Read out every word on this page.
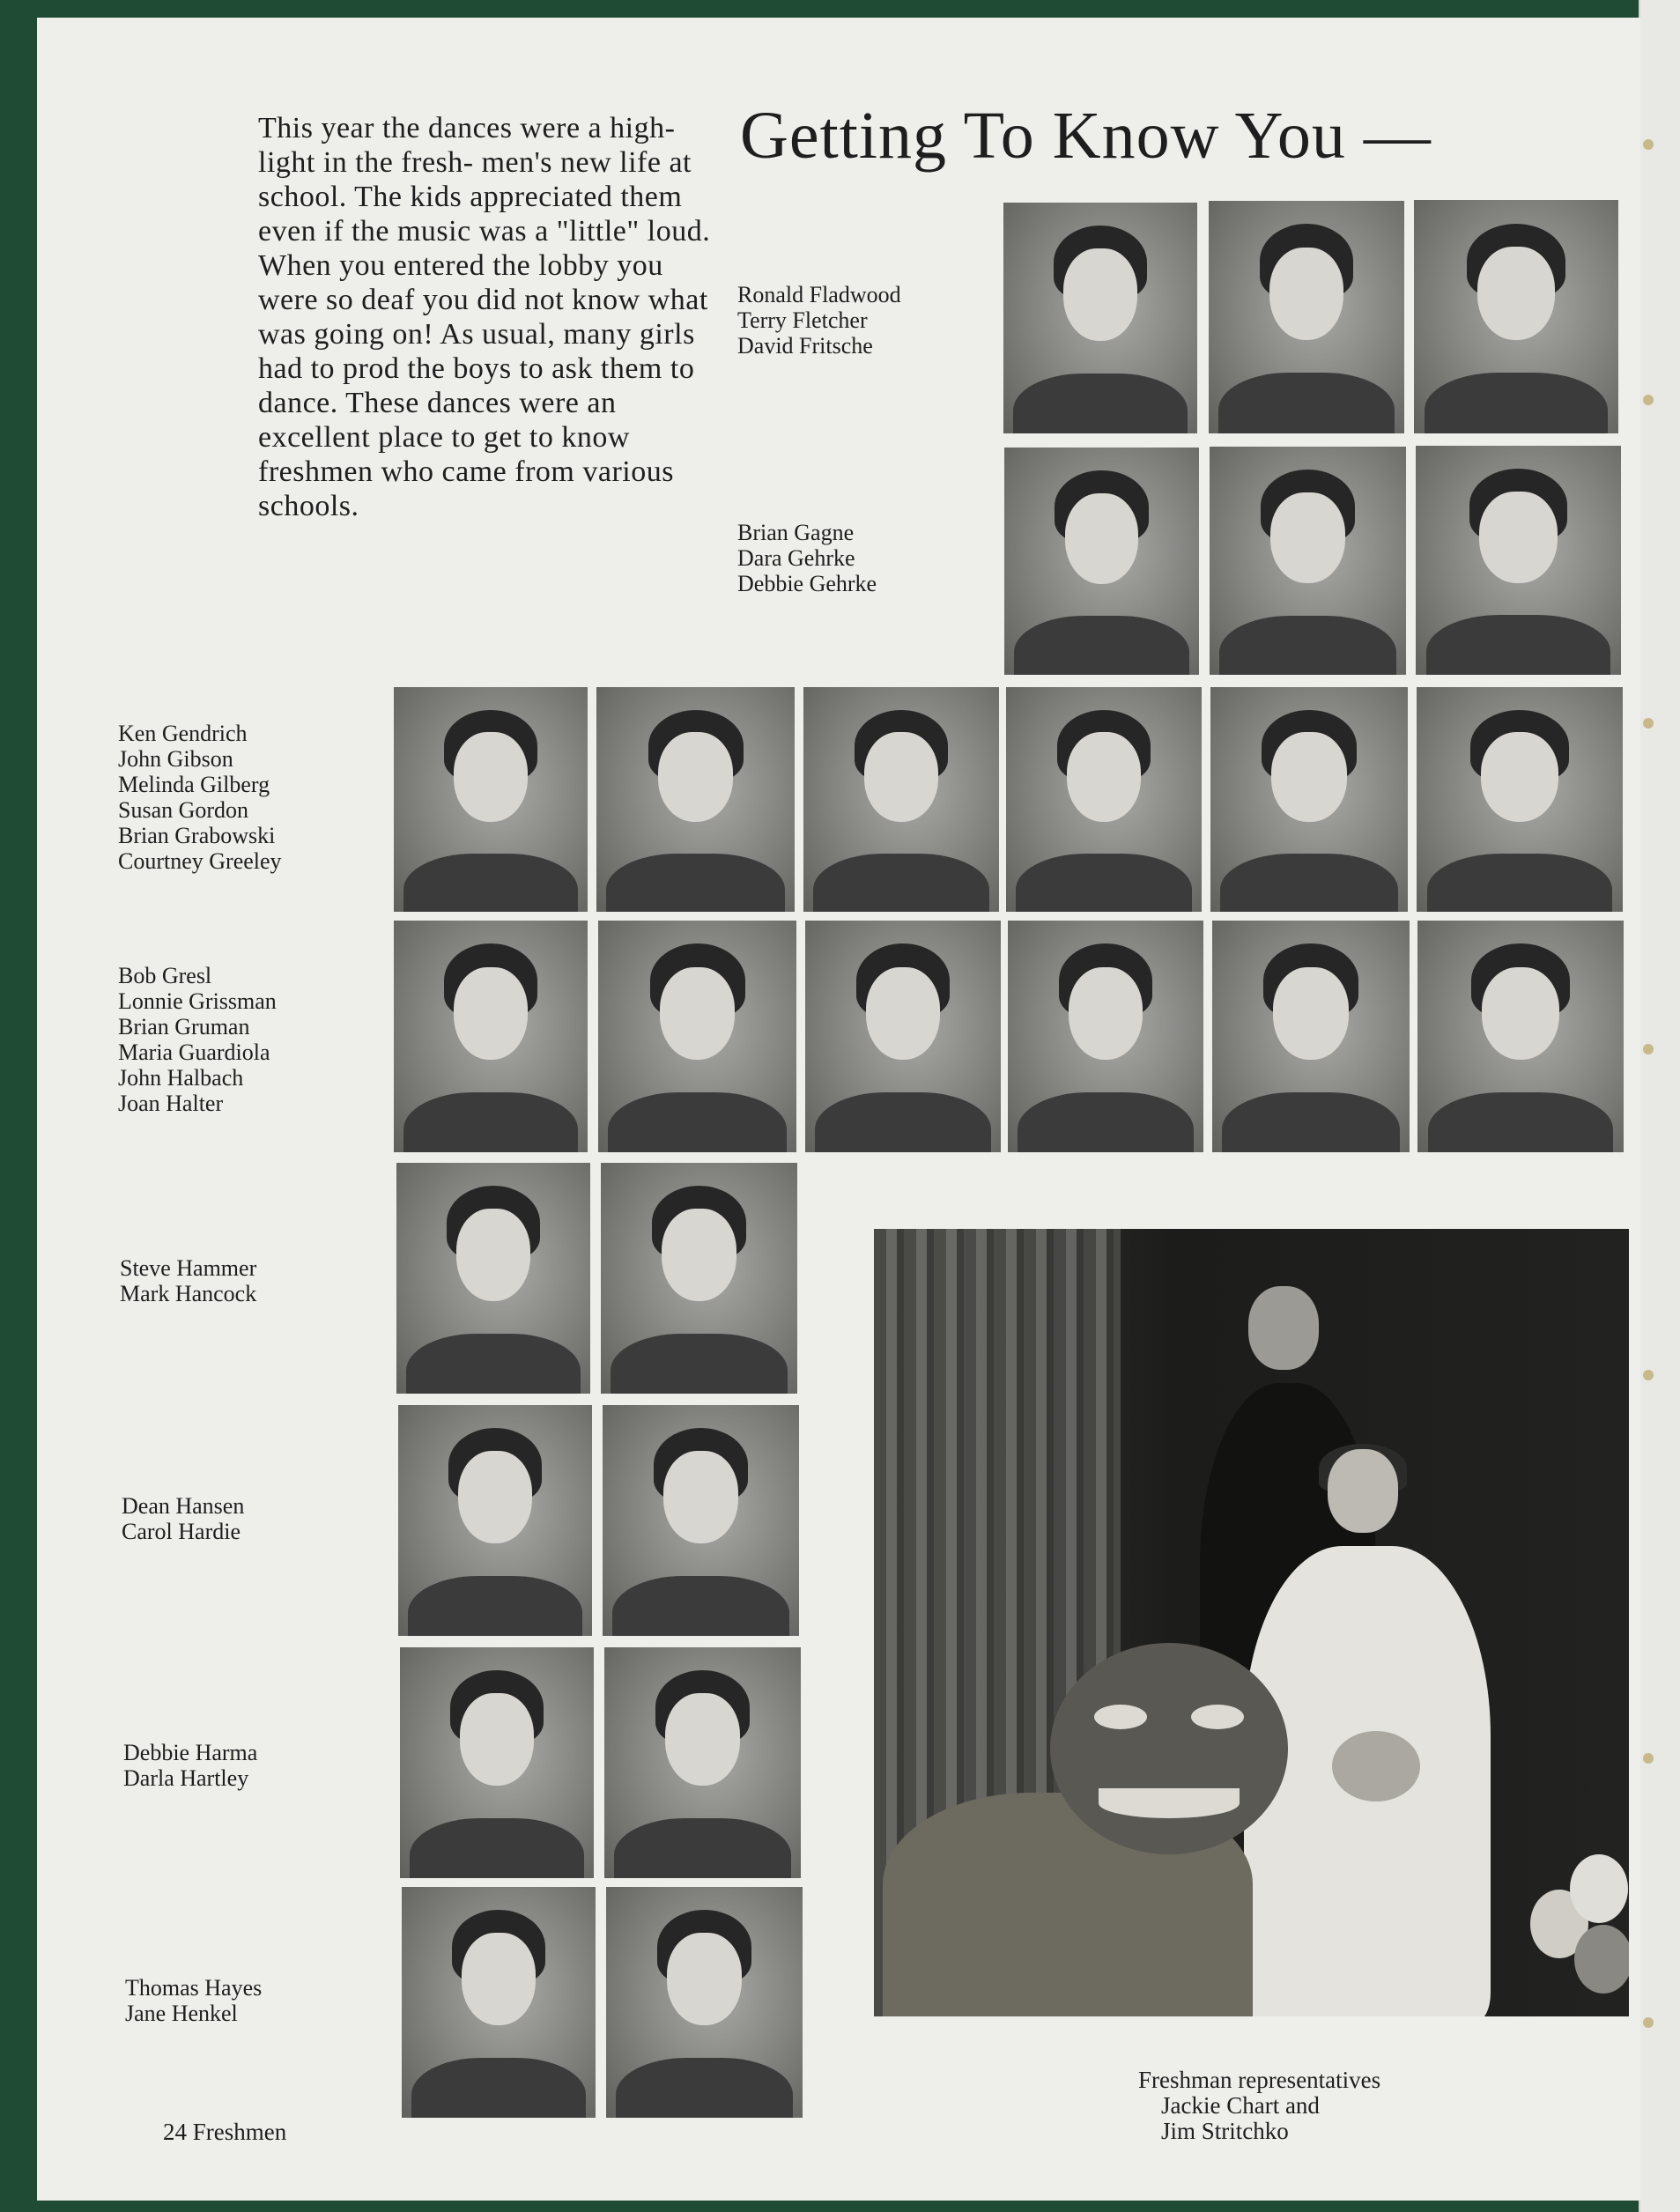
This year the dances were a high-light in the fresh- men's new life at school. The kids appreciated them even if the music was a "little" loud. When you entered the lobby you were so deaf you did not know what was going on! As usual, many girls had to prod the boys to ask them to dance. These dances were an excellent place to get to know freshmen who came from various schools.

Getting To Know You —
Ronald Fladwood
Terry Fletcher
David Fritsche
Brian Gagne
Dara Gehrke
Debbie Gehrke
Ken Gendrich
John Gibson
Melinda Gilberg
Susan Gordon
Brian Grabowski
Courtney Greeley
Bob Gresl
Lonnie Grissman
Brian Gruman
Maria Guardiola
John Halbach
Joan Halter
Steve Hammer
Mark Hancock
Dean Hansen
Carol Hardie
Debbie Harma
Darla Hartley
Thomas Hayes
Jane Henkel
Freshman representatives
Jackie Chart and
Jim Stritchko
24 Freshmen
